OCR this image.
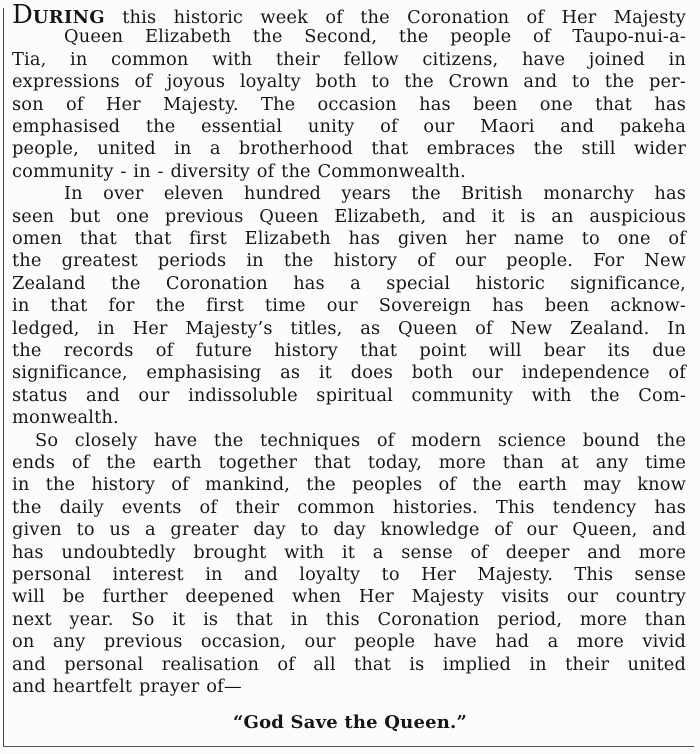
DURING this historic week of the Coronation of Her Majesty
Queen Elizabeth the Second, the people of Taupo-nui-a-
Tia, in common with their fellow citizens, have joined in
expressions of joyous loyalty both to the Crown and to the per-
son of Her Majesty. The occasion has been one that has
emphasised the essential unity of our Maori and pakeha
people, united in a brotherhood that embraces the still wider
community - in - diversity of the Commonwealth.
In over eleven hundred years the British monarchy has
seen but one previous Queen Elizabeth, and it is an auspicious
omen that that first Elizabeth has given her name to one of
the greatest periods in the history of our people. For New
Zealand the Coronation has a special historic significance,
in that for the first time our Sovereign has been acknow-
ledged, in Her Majesty’s titles, as Queen of New Zealand. In
the records of future history that point will bear its due
significance, emphasising as it does both our independence of
status and our indissoluble spiritual community with the Com-
monwealth.
So closely have the techniques of modern science bound the
ends of the earth together that today, more than at any time
in the history of mankind, the peoples of the earth may know
the daily events of their common histories. This tendency has
given to us a greater day to day knowledge of our Queen, and
has undoubtedly brought with it a sense of deeper and more
personal interest in and loyalty to Her Majesty. This sense
will be further deepened when Her Majesty visits our country
next year. So it is that in this Coronation period, more than
on any previous occasion, our people have had a more vivid
“God Save the Queen.”
and personal realisation of all that is implied in their united
and heartfelt prayer of—
